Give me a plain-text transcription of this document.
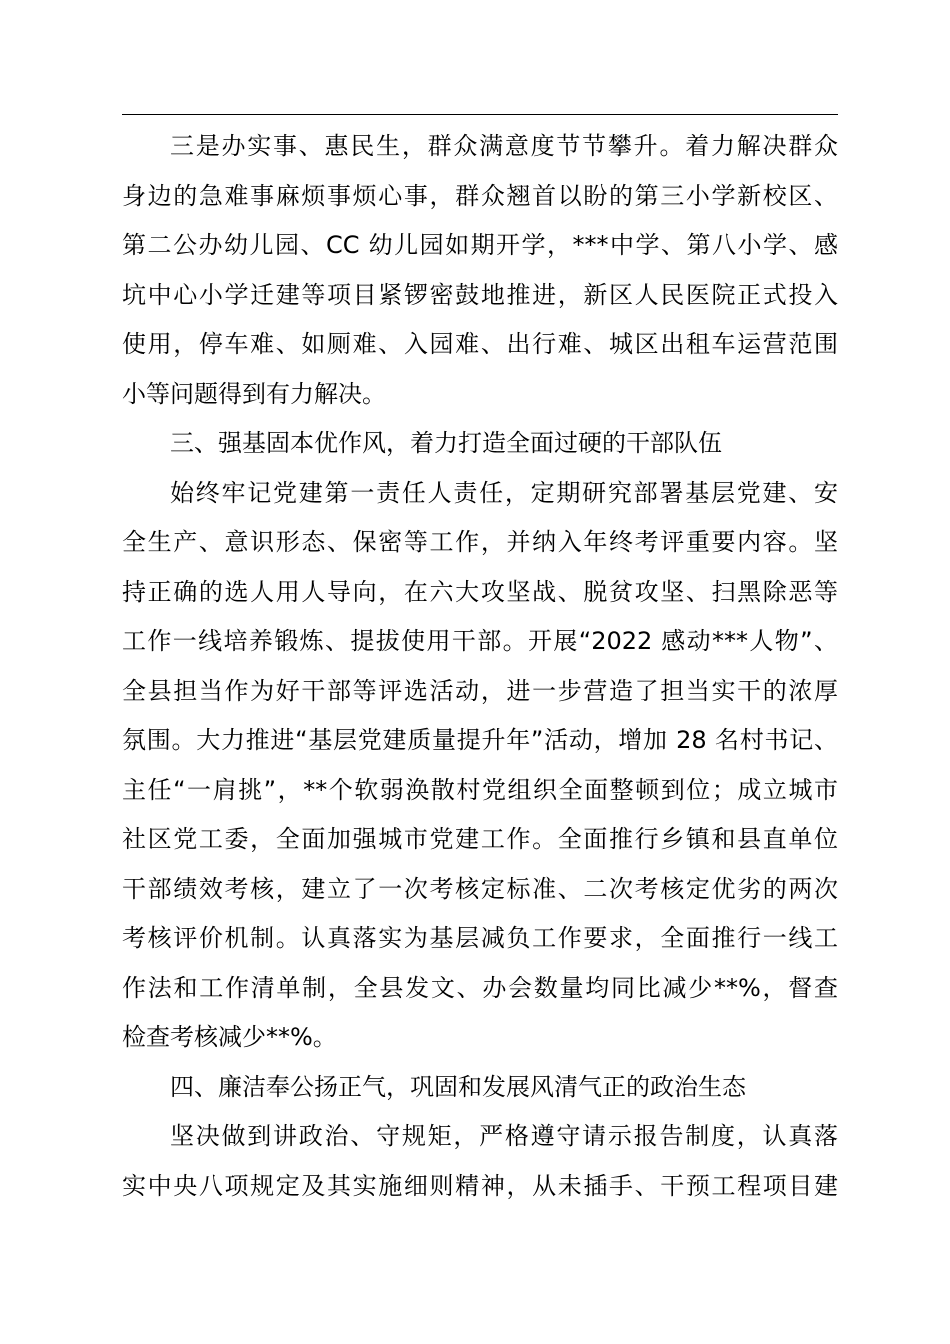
三是办实事、惠民生，群众满意度节节攀升。着力解决群众
身边的急难事麻烦事烦心事，群众翘首以盼的第三小学新校区、
第二公办幼儿园、CC 幼儿园如期开学，***中学、第八小学、感
坑中心小学迁建等项目紧锣密鼓地推进，新区人民医院正式投入
使用，停车难、如厕难、入园难、出行难、城区出租车运营范围
小等问题得到有力解决。
三、强基固本优作风，着力打造全面过硬的干部队伍
始终牢记党建第一责任人责任，定期研究部署基层党建、安
全生产、意识形态、保密等工作，并纳入年终考评重要内容。坚
持正确的选人用人导向，在六大攻坚战、脱贫攻坚、扫黑除恶等
工作一线培养锻炼、提拔使用干部。开展“2022 感动***人物”、
全县担当作为好干部等评选活动，进一步营造了担当实干的浓厚
氛围。大力推进“基层党建质量提升年”活动，增加 28 名村书记、
主任“一肩挑”，**个软弱涣散村党组织全面整顿到位；成立城市
社区党工委，全面加强城市党建工作。全面推行乡镇和县直单位
干部绩效考核，建立了一次考核定标准、二次考核定优劣的两次
考核评价机制。认真落实为基层减负工作要求，全面推行一线工
作法和工作清单制，全县发文、办会数量均同比减少**%，督查
检查考核减少**%。
四、廉洁奉公扬正气，巩固和发展风清气正的政治生态
坚决做到讲政治、守规矩，严格遵守请示报告制度，认真落
实中央八项规定及其实施细则精神，从未插手、干预工程项目建
